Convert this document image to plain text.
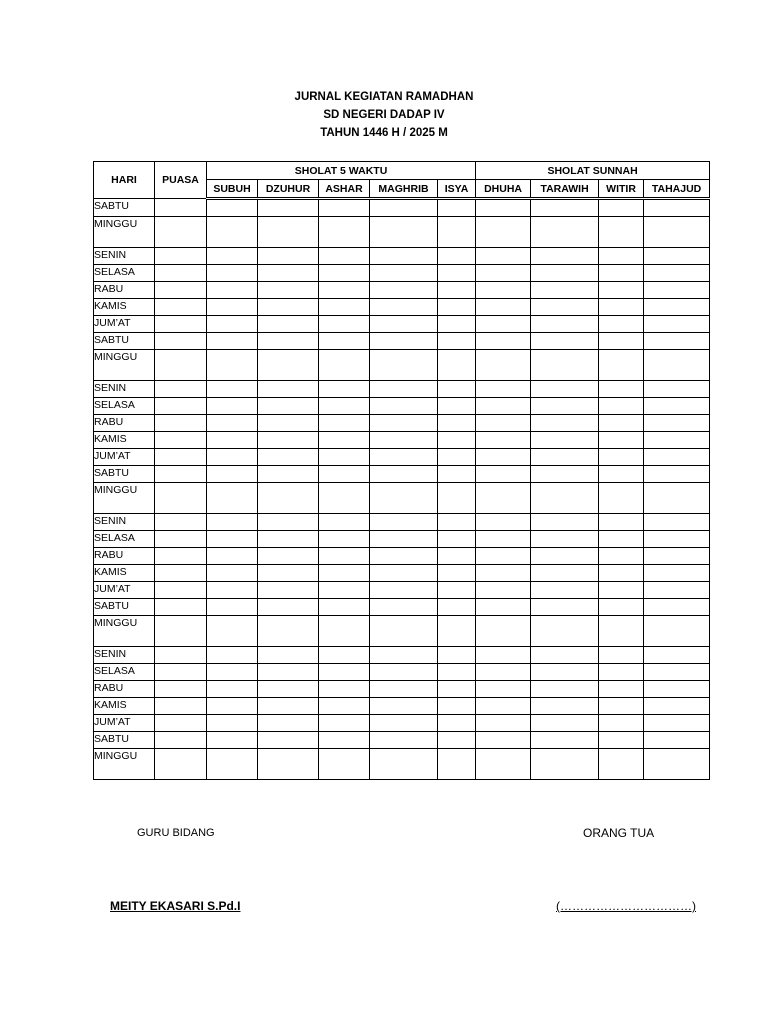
JURNAL KEGIATAN RAMADHAN
SD NEGERI DADAP IV
TAHUN 1446 H / 2025 M
HARI	PUASA	SHOLAT 5 WAKTU					SHOLAT SUNNAH			
		SUBUH	DZUHUR	ASHAR	MAGHRIB	ISYA	DHUHA	TARAWIH	WITIR	TAHAJUD
SABTU										
MINGGU										
SENIN										
SELASA										
RABU										
KAMIS										
JUM’AT										
SABTU										
MINGGU										
SENIN										
SELASA										
RABU										
KAMIS										
JUM’AT										
SABTU										
MINGGU										
SENIN										
SELASA										
RABU										
KAMIS										
JUM’AT										
SABTU										
MINGGU										
SENIN										
SELASA										
RABU										
KAMIS										
JUM’AT										
SABTU										
MINGGU										
GURU BIDANG	ORANG TUA
MEITY EKASARI S.Pd.I	(……………………………)
